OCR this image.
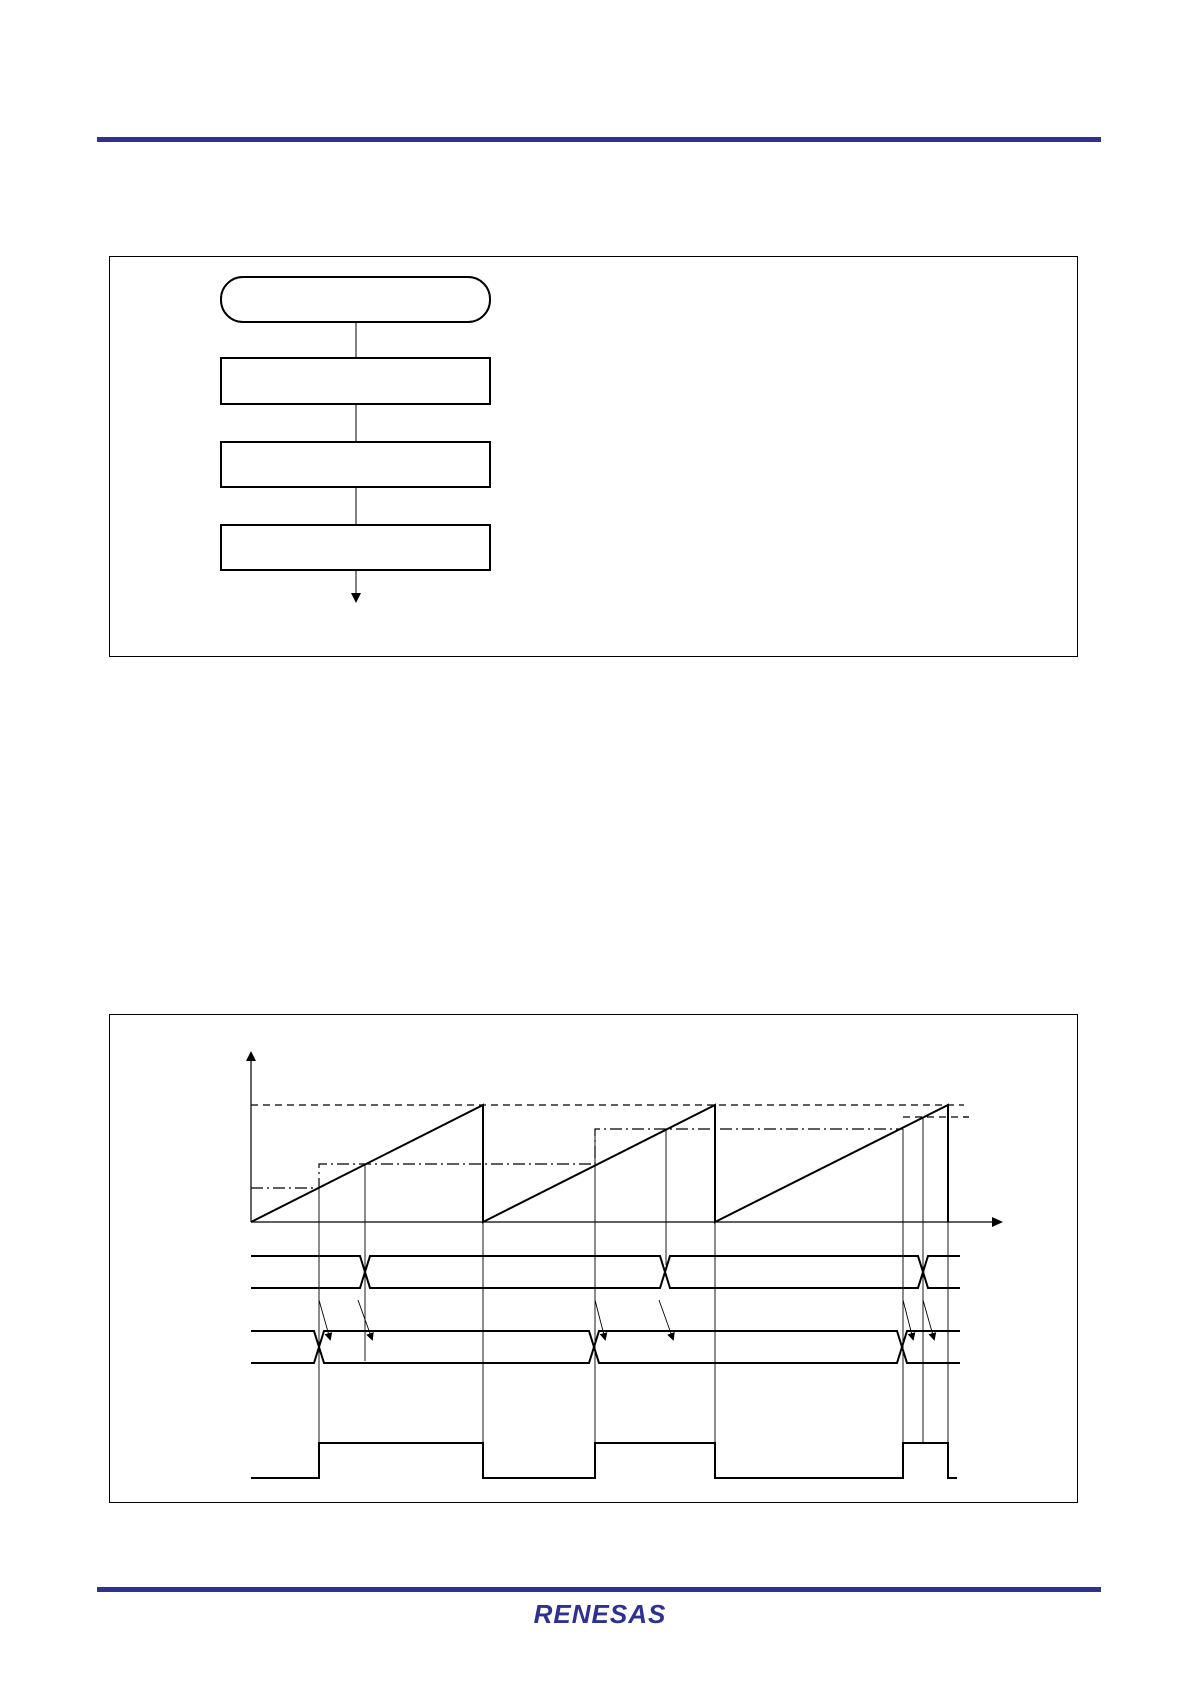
RENESAS
